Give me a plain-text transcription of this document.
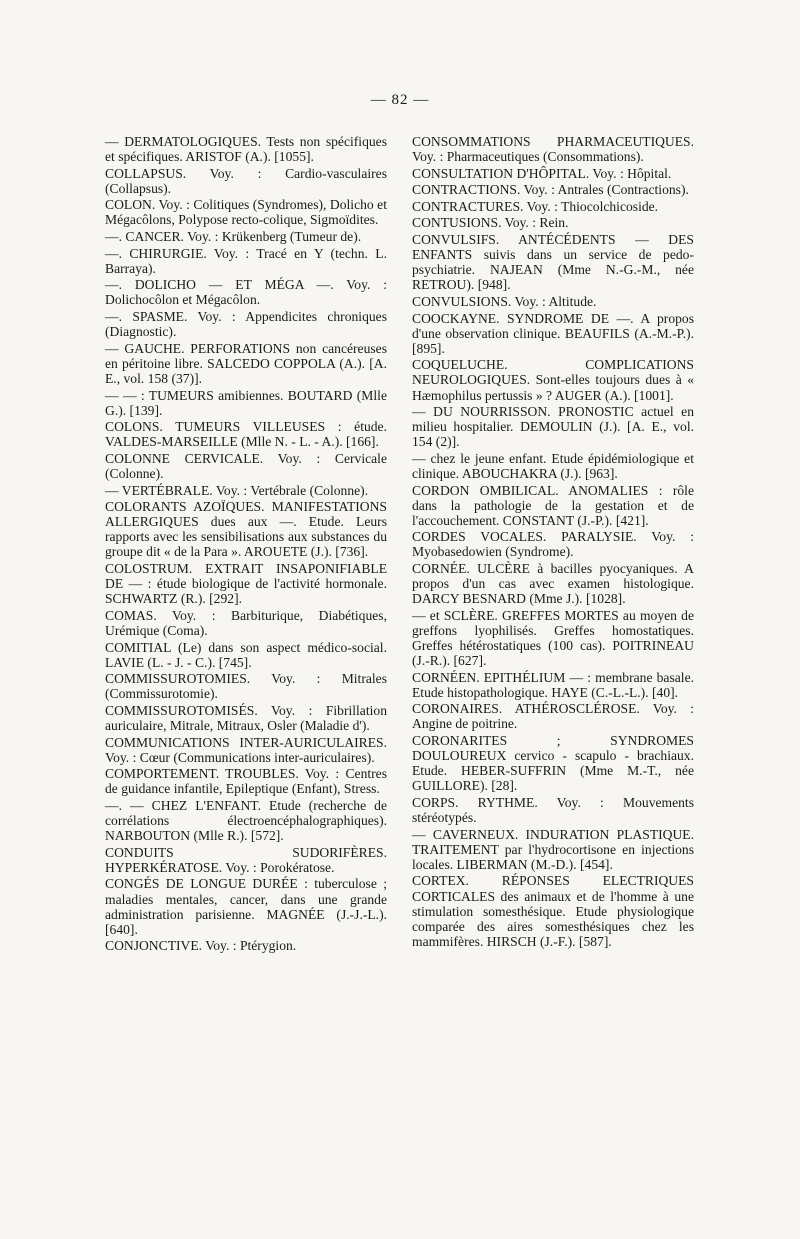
— 82 —

— DERMATOLOGIQUES. Tests non spécifiques et spécifiques. ARISTOF (A.). [1055].

COLLAPSUS. Voy. : Cardio-vasculaires (Collapsus).

COLON. Voy. : Colitiques (Syndromes), Dolicho et Mégacôlons, Polypose recto-colique, Sigmoïdites.

—. CANCER. Voy. : Krükenberg (Tumeur de).

—. CHIRURGIE. Voy. : Tracé en Y (techn. L. Barraya).

—. DOLICHO — ET MÉGA —. Voy. : Dolichocôlon et Mégacôlon.

—. SPASME. Voy. : Appendicites chroniques (Diagnostic).

— GAUCHE. PERFORATIONS non cancéreuses en péritoine libre. SALCEDO COPPOLA (A.). [A. E., vol. 158 (37)].

— — : TUMEURS amibiennes. BOUTARD (Mlle G.). [139].

COLONS. TUMEURS VILLEUSES : étude. VALDES-MARSEILLE (Mlle N. - L. - A.). [166].

COLONNE CERVICALE. Voy. : Cervicale (Colonne).

— VERTÉBRALE. Voy. : Vertébrale (Colonne).

COLORANTS AZOÏQUES. MANIFESTATIONS ALLERGIQUES dues aux —. Etude. Leurs rapports avec les sensibilisations aux substances du groupe dit « de la Para ». AROUETE (J.). [736].

COLOSTRUM. EXTRAIT INSAPONIFIABLE DE — : étude biologique de l'activité hormonale. SCHWARTZ (R.). [292].

COMAS. Voy. : Barbiturique, Diabétiques, Urémique (Coma).

COMITIAL (Le) dans son aspect médico-social. LAVIE (L. - J. - C.). [745].

COMMISSUROTOMIES. Voy. : Mitrales (Commissurotomie).

COMMISSUROTOMISÉS. Voy. : Fibrillation auriculaire, Mitrale, Mitraux, Osler (Maladie d').

COMMUNICATIONS INTER-AURICULAIRES. Voy. : Cœur (Communications inter-auriculaires).

COMPORTEMENT. TROUBLES. Voy. : Centres de guidance infantile, Epileptique (Enfant), Stress.

—. — CHEZ L'ENFANT. Etude (recherche de corrélations électroencéphalographiques). NARBOUTON (Mlle R.). [572].

CONDUITS SUDORIFÈRES. HYPERKÉRATOSE. Voy. : Porokératose.

CONGÉS DE LONGUE DURÉE : tuberculose ; maladies mentales, cancer, dans une grande administration parisienne. MAGNÉE (J.-J.-L.). [640].

CONJONCTIVE. Voy. : Ptérygion.

CONSOMMATIONS PHARMACEUTIQUES. Voy. : Pharmaceutiques (Consommations).

CONSULTATION D'HÔPITAL. Voy. : Hôpital.

CONTRACTIONS. Voy. : Antrales (Contractions).

CONTRACTURES. Voy. : Thiocolchicoside.

CONTUSIONS. Voy. : Rein.

CONVULSIFS. ANTÉCÉDENTS — DES ENFANTS suivis dans un service de pedo-psychiatrie. NAJEAN (Mme N.-G.-M., née RETROU). [948].

CONVULSIONS. Voy. : Altitude.

COOCKAYNE. SYNDROME DE —. A propos d'une observation clinique. BEAUFILS (A.-M.-P.). [895].

COQUELUCHE. COMPLICATIONS NEUROLOGIQUES. Sont-elles toujours dues à « Hæmophilus pertussis » ? AUGER (A.). [1001].

— DU NOURRISSON. PRONOSTIC actuel en milieu hospitalier. DEMOULIN (J.). [A. E., vol. 154 (2)].

— chez le jeune enfant. Etude épidémiologique et clinique. ABOUCHAKRA (J.). [963].

CORDON OMBILICAL. ANOMALIES : rôle dans la pathologie de la gestation et de l'accouchement. CONSTANT (J.-P.). [421].

CORDES VOCALES. PARALYSIE. Voy. : Myobasedowien (Syndrome).

CORNÉE. ULCÈRE à bacilles pyocyaniques. A propos d'un cas avec examen histologique. DARCY BESNARD (Mme J.). [1028].

— et SCLÈRE. GREFFES MORTES au moyen de greffons lyophilisés. Greffes homostatiques. Greffes hétérostatiques (100 cas). POITRINEAU (J.-R.). [627].

CORNÉEN. EPITHÉLIUM — : membrane basale. Etude histopathologique. HAYE (C.-L.-L.). [40].

CORONAIRES. ATHÉROSCLÉROSE. Voy. : Angine de poitrine.

CORONARITES ; SYNDROMES DOULOUREUX cervico - scapulo - brachiaux. Etude. HEBER-SUFFRIN (Mme M.-T., née GUILLORE). [28].

CORPS. RYTHME. Voy. : Mouvements stéréotypés.

— CAVERNEUX. INDURATION PLASTIQUE. TRAITEMENT par l'hydrocortisone en injections locales. LIBERMAN (M.-D.). [454].

CORTEX. RÉPONSES ELECTRIQUES CORTICALES des animaux et de l'homme à une stimulation somesthésique. Etude physiologique comparée des aires somesthésiques chez les mammifères. HIRSCH (J.-F.). [587].
